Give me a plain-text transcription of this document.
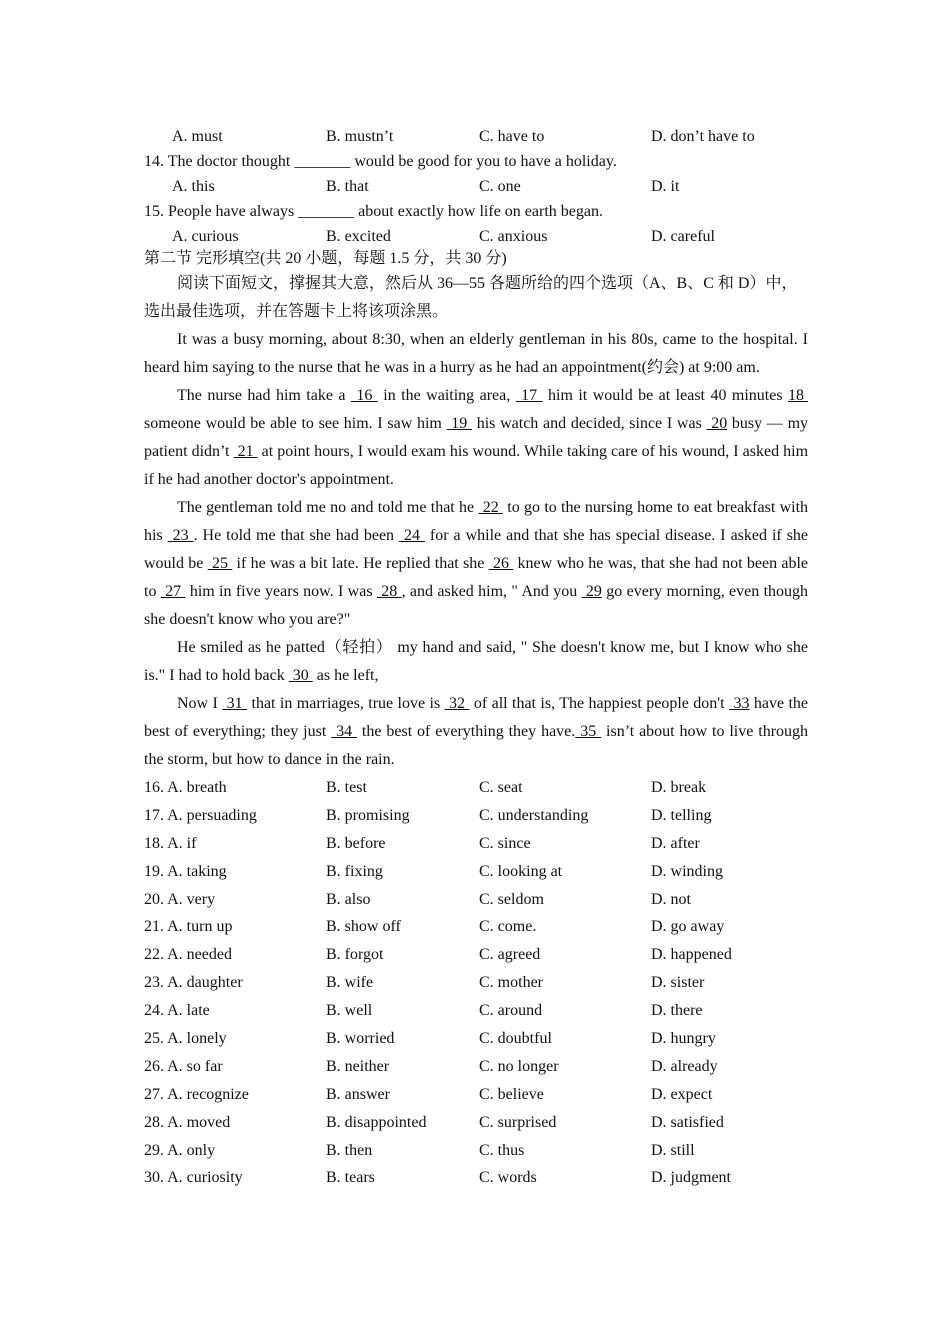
A. must	B. mustn’t	C. have to	D. don’t have to
14. The doctor thought _______ would be good for you to have a holiday.
A. this	B. that	C. one	D. it
15. People have always _______ about exactly how life on earth began.
A. curious	B. excited	C. anxious	D. careful
第二节 完形填空(共 20 小题，每题 1.5 分，共 30 分)

阅读下面短文，撑握其大意，然后从 36—55 各题所给的四个选项（A、B、C 和 D）中，选出最佳选项，并在答题卡上将该项涂黑。

It was a busy morning, about 8:30, when an elderly gentleman in his 80s, came to the hospital. I heard him saying to the nurse that he was in a hurry as he had an appointment(约会) at 9:00 am.

The nurse had him take a  16  in the waiting area,  17  him it would be at least 40 minutes 18  someone would be able to see him. I saw him  19  his watch and decided, since I was  20 busy — my patient didn’t  21  at point hours, I would exam his wound. While taking care of his wound, I asked him if he had another doctor's appointment.

The gentleman told me no and told me that he  22  to go to the nursing home to eat breakfast with his  23 . He told me that she had been  24  for a while and that she has special disease. I asked if she would be  25  if he was a bit late. He replied that she  26  knew who he was, that she had not been able to  27  him in five years now. I was  28 , and asked him, " And you  29 go every morning, even though she doesn't know who you are?"

He smiled as he patted（轻拍） my hand and said, " She doesn't know me, but I know who she is." I had to hold back  30  as he left,

Now I  31  that in marriages, true love is  32  of all that is, The happiest people don't  33 have the best of everything; they just  34  the best of everything they have. 35  isn’t about how to live through the storm, but how to dance in the rain.

16. A. breath	B. test	C. seat	D. break
17. A. persuading	B. promising	C. understanding	D. telling
18. A. if	B. before	C. since	D. after
19. A. taking	B. fixing	C. looking at	D. winding
20. A. very	B. also	C. seldom	D. not
21. A. turn up	B. show off	C. come.	D. go away
22. A. needed	B. forgot	C. agreed	D. happened
23. A. daughter	B. wife	C. mother	D. sister
24. A. late	B. well	C. around	D. there
25. A. lonely	B. worried	C. doubtful	D. hungry
26. A. so far	B. neither	C. no longer	D. already
27. A. recognize	B. answer	C. believe	D. expect
28. A. moved	B. disappointed	C. surprised	D. satisfied
29. A. only	B. then	C. thus	D. still
30. A. curiosity	B. tears	C. words	D. judgment
